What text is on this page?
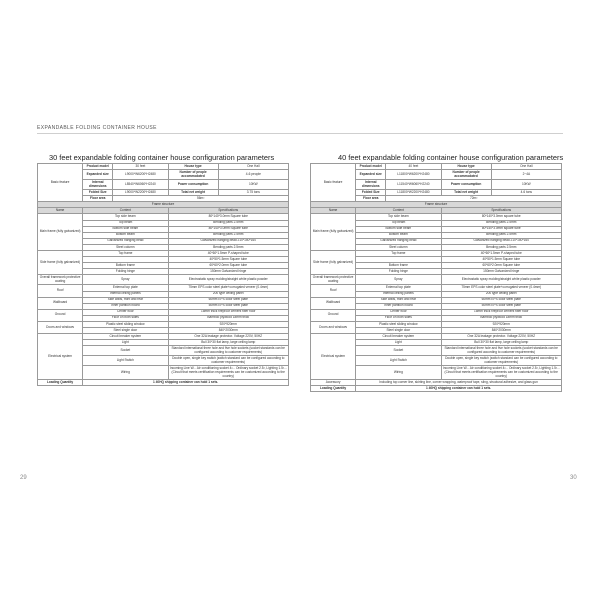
EXPANDABLE FOLDING CONTAINER HOUSE
30 feet expandable folding container house configuration parameters
Basic feature	Product model	30 feet	House type	One Hall
	Expanded size	L9000*W6200*H2480	Number of people accommodated	4-6 people
	Internal dimensions	L8540*W6060*H2240	Power consumption	10KW
	Folded Size	L9000*W2200*H2480	Total net weight	3.75 tons
	Floor area	56m²		
Frame structure				
Name	Content		Specifications	
Main frame (fully galvanized)	Top side beam		80*140*3.0mm Square tube	
	Top beam		Bending parts 2.5mm	
	Bottom side beam		80*140*3.0mm Square tube	
	Bottom beam		Bending parts 2.5mm	
	Galvanized hanging bead		Galvanized hanging bead 210*150*160	
	Steel column		Bending parts 2.5mm	
Side frame (fully galvanized)	Top frame		40*60*1.5mm P-shaped tube	
			40*50*1.5mm Square tube	
	Bottom frame		60*60*2.0mm Square tube	
	Folding hinge		150mm Galvanized hinge	
Overall framework protective coating	Spray		Electrostatic spray molding/straight white plastic powder	
Roof	External top plate		75mm EPS color steel plate+corrugated veneer (0.4mm)	
	Internal ceiling panels		200 type ceiling panel	
Wallboard	Side walls, front and rear		60mm EPS color steel plate	
	Inner partition board		50mm EPS color steel plate	
Ground	Center floor		18mm thick fireproof cement fiber floor	
	Floor on both sides		Bamboo plywood 18mm thick	
Doors and windows	Plastic steel sliding window		920*920mm	
	Steel single door		840*2030mm	
Electrical system	Circuit breaker system		One 32A leakage protector. Voltage 220V, 50HZ	
	Light		Bull 30*30 flat lamp, large ceiling lamp	
	Socket		Standard international three hole and five hole sockets (socket standards can be configured according to customer requirements)	
	Light Switch		Double open, single key switch (switch standard can be configured according to customer requirements)	
	Wiring		Incoming Line W... Air conditioning socket 4²... Ordinary socket 2.5², Lighting 1.5²... (Circuit that meets certification requirements can be customized according to the country)	
Loading Quantity	1 40HQ shipping container can hold 1 sets.			
40 feet expandable folding container house configuration parameters
Basic feature	Product model	40 feet	House type	One Hall
	Expanded size	L11800*W6200*H2480	Number of people accommodated	2~4A
	Internal dimensions	L11540*W6060*H2240	Power consumption	10KW
	Folded Size	L11800*W2200*H2480	Total net weight	4.6 tons
	Floor area	72m²		
Frame structure				
Name	Content		Specifications	
Main frame (fully galvanized)	Top side beam		80*140*3.0mm square tube	
	Top beam		Bending parts 2.5mm	
	Bottom side beam		80*140*3.0mm square tube	
	Bottom beam		Bending parts 2.5mm	
	Galvanized hanging bead		Galvanized hanging bead 210*150*160	
	Steel column		Bending parts 2.5mm	
Side frame (fully galvanized)	Top frame		40*60*1.5mm P-shaped tube	
			40*50*1.5mm Square tube	
	Bottom frame		60*60*2.0mm Square tube	
	Folding hinge		150mm Galvanized hinge	
Overall framework protective coating	Spray		Electrostatic spray molding/straight white plastic powder	
Roof	External top plate		75mm EPS color steel plate+corrugated veneer (0.4mm)	
	Internal ceiling panels		200 type ceiling panel	
Wallboard	Side walls, front and rear		60mm EPS color steel plate	
	Inner partition board		50mm EPS color steel plate	
Ground	Center floor		18mm thick fireproof cement fiber floor	
	Floor on both sides		Bamboo plywood 18mm thick	
Doors and windows	Plastic steel sliding window		920*920mm	
	Steel single door		840*2030mm	
Electrical system	Circuit breaker system		One 32A leakage protector. Voltage 220V, 50HZ	
	Light		Bull 30*30 flat lamp, large ceiling lamp	
	Socket		Standard international three hole and five hole sockets (socket standards can be configured according to customer requirements)	
	Light Switch		Double open, single key switch (switch standard can be configured according to customer requirements)	
	Wiring		Incoming Line W... Air conditioning socket 4²... Ordinary socket 2.5², Lighting 1.5²... (Circuit that meets certification requirements can be customized according to the country)	
Accessory	Including top corner line, skirting line, corner wrapping, waterproof tape, sling, structural adhesive, and glass gun			
Loading Quantity	1 40HQ shipping container can hold 1 sets.			
29	30
